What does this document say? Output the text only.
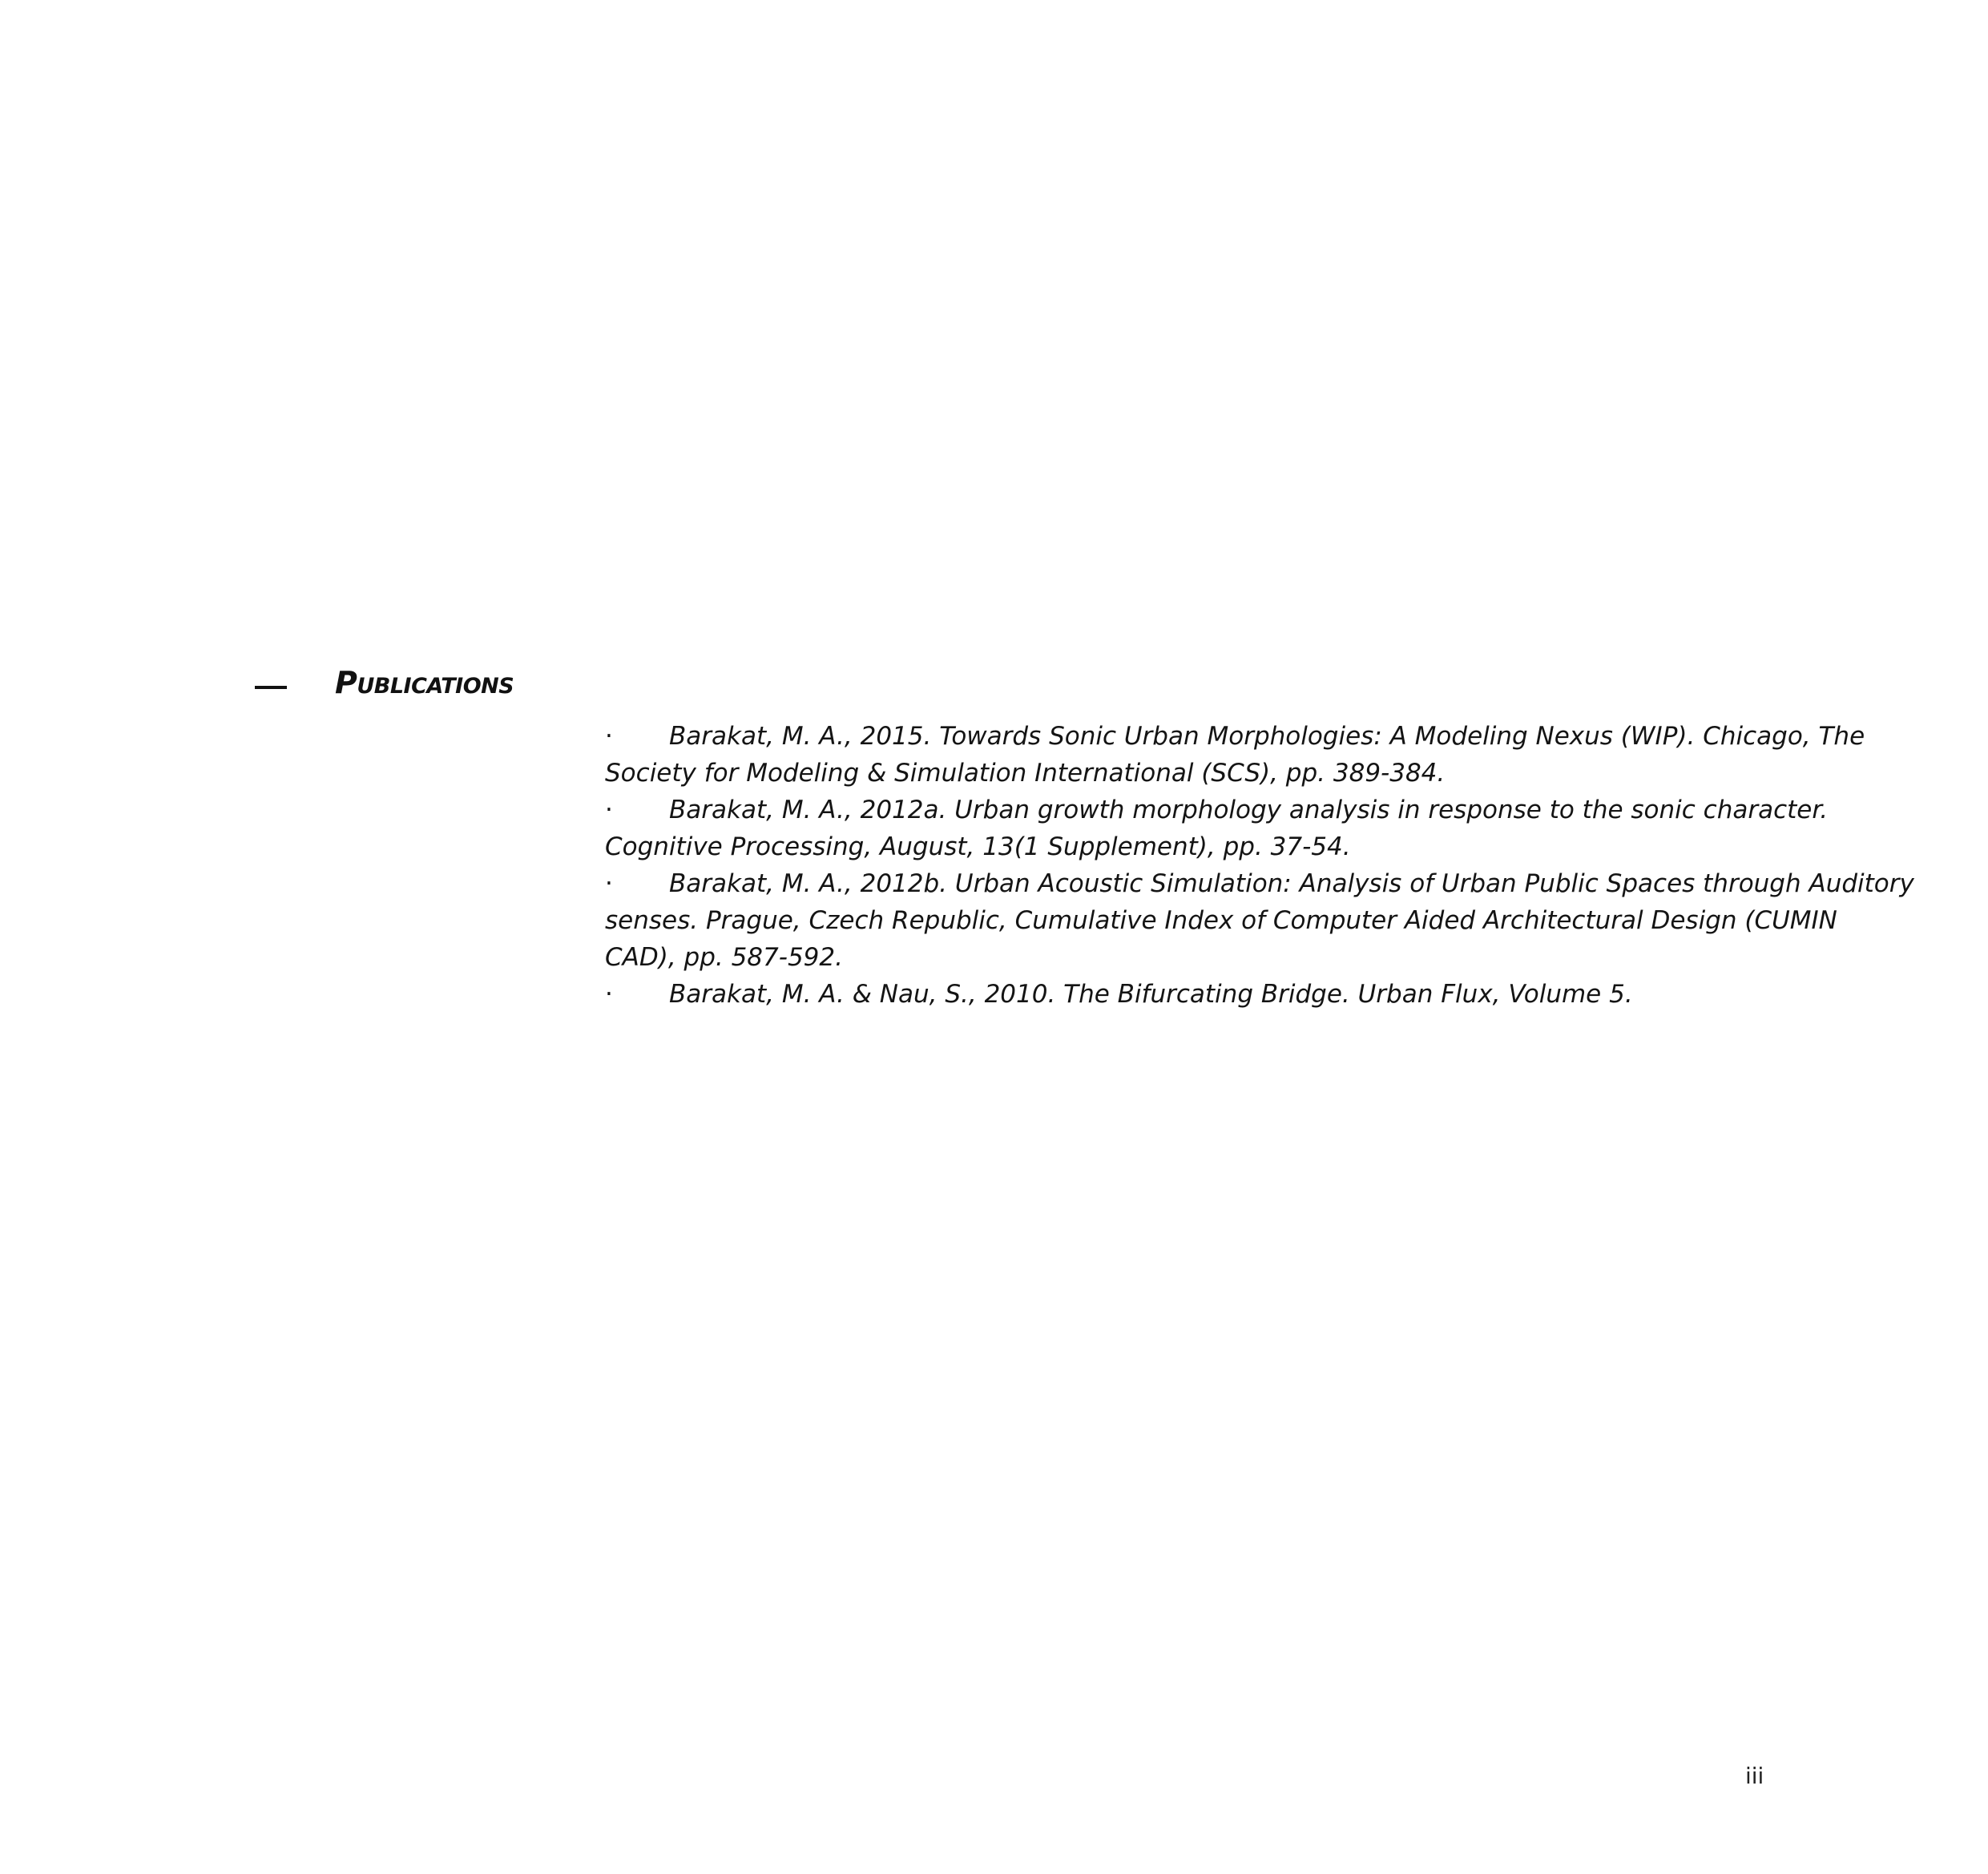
Publications
· Barakat, M. A., 2015. Towards Sonic Urban Morphologies: A Modeling Nexus (WIP). Chicago, The Society for Modeling & Simulation International (SCS), pp. 389-384.
· Barakat, M. A., 2012a. Urban growth morphology analysis in response to the sonic character. Cognitive Processing, August, 13(1 Supplement), pp. 37-54.
· Barakat, M. A., 2012b. Urban Acoustic Simulation: Analysis of Urban Public Spaces through Auditory senses. Prague, Czech Republic, Cumulative Index of Computer Aided Architectural Design (CUMIN CAD), pp. 587-592.
· Barakat, M. A. & Nau, S., 2010. The Bifurcating Bridge. Urban Flux, Volume 5.
iii
